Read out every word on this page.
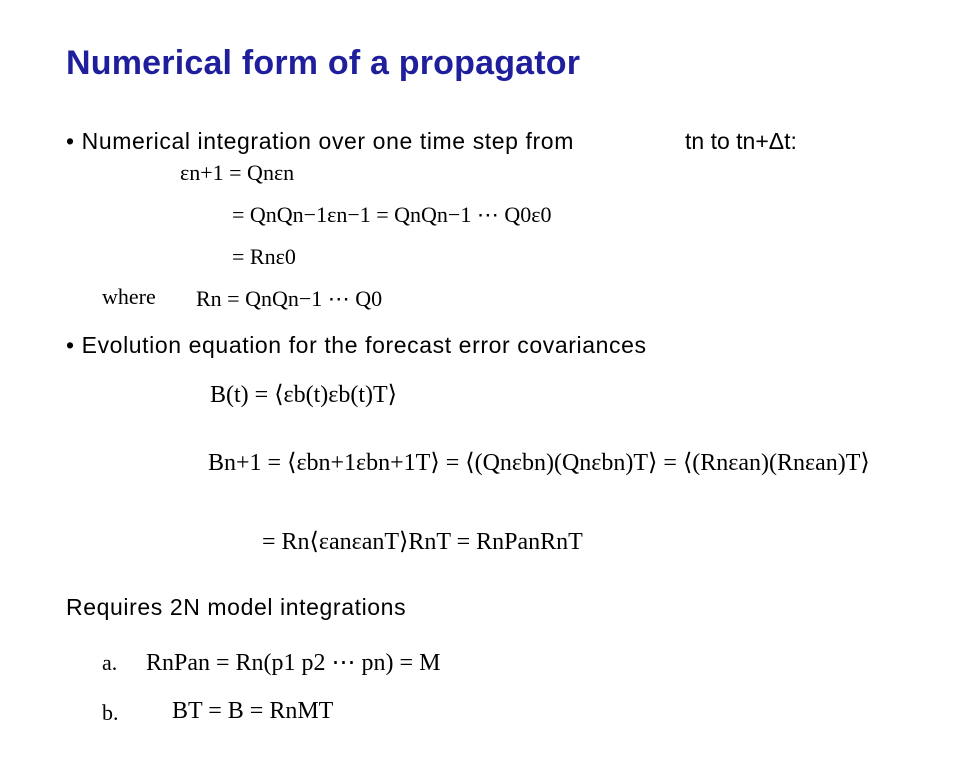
Numerical form of a propagator
• Numerical integration over one time step from	tn to tn+Δt:
εn+1 = Qnεn
= QnQn−1εn−1 = QnQn−1 ⋯ Q0ε0
= Rnε0
where Rn = QnQn−1 ⋯ Q0
• Evolution equation for the forecast error covariances
B(t) = ⟨εb(t)εb(t)T⟩
Bn+1 = ⟨εbn+1εbn+1T⟩ = ⟨(Qnεbn)(Qnεbn)T⟩ = ⟨(Rnεan)(Rnεan)T⟩
= Rn⟨εanεanT⟩RnT = RnPanRnT
Requires 2N model integrations
a. RnPan = Rn(p1 p2 ⋯ pn) = M
b. BT = B = RnMT
